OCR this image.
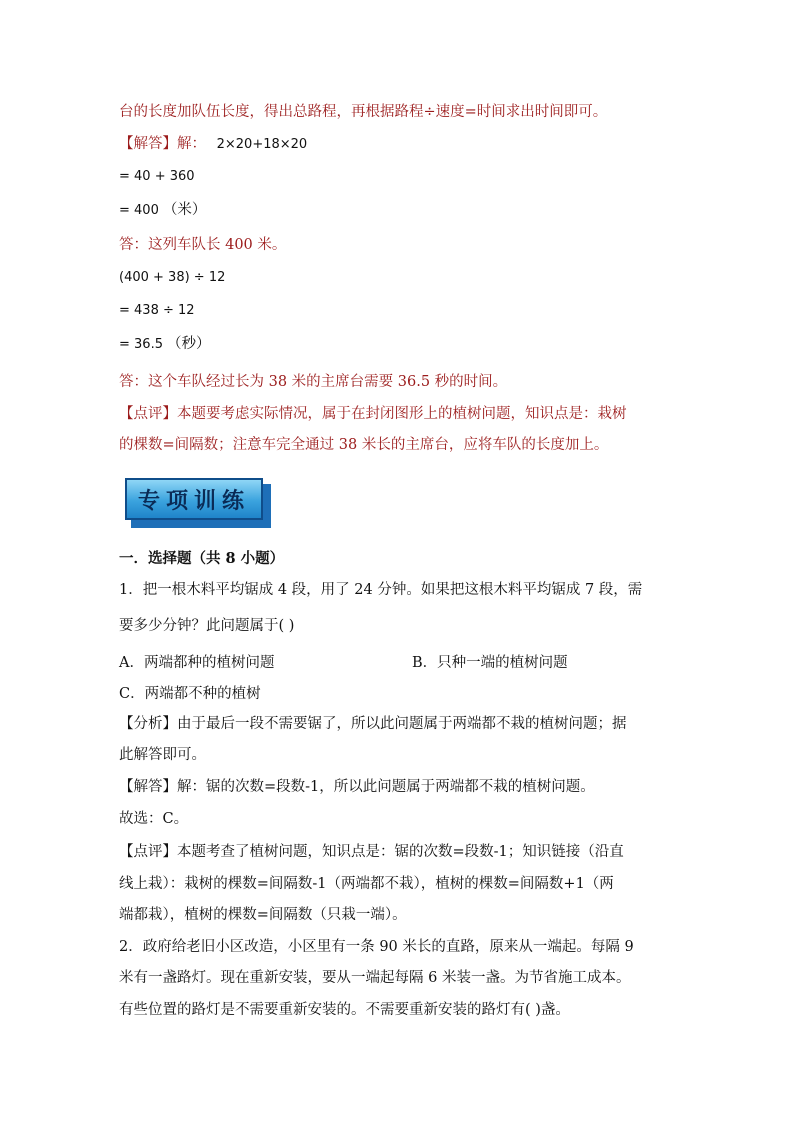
台的长度加队伍长度，得出总路程，再根据路程÷速度=时间求出时间即可。
【解答】解： 2×20+18×20
= 40 + 360
= 400 （米）
答：这列车队长 400 米。
(400 + 38) ÷ 12
= 438 ÷ 12
= 36.5 （秒）
答：这个车队经过长为 38 米的主席台需要 36.5 秒的时间。
【点评】本题要考虑实际情况，属于在封闭图形上的植树问题，知识点是：栽树
的棵数=间隔数；注意车完全通过 38 米长的主席台，应将车队的长度加上。
专项训练
一．选择题（共 8 小题）
1．把一根木料平均锯成 4 段，用了 24 分钟。如果把这根木料平均锯成 7 段，需
要多少分钟？此问题属于( )
A．两端都种的植树问题	B．只种一端的植树问题
C．两端都不种的植树
【分析】由于最后一段不需要锯了，所以此问题属于两端都不栽的植树问题；据
此解答即可。
【解答】解：锯的次数=段数-1，所以此问题属于两端都不栽的植树问题。
故选：C。
【点评】本题考查了植树问题，知识点是：锯的次数=段数-1；知识链接（沿直
线上栽）：栽树的棵数=间隔数-1（两端都不栽），植树的棵数=间隔数+1（两
端都栽），植树的棵数=间隔数（只栽一端）。
2．政府给老旧小区改造，小区里有一条 90 米长的直路，原来从一端起。每隔 9
米有一盏路灯。现在重新安装，要从一端起每隔 6 米装一盏。为节省施工成本。
有些位置的路灯是不需要重新安装的。不需要重新安装的路灯有( )盏。
